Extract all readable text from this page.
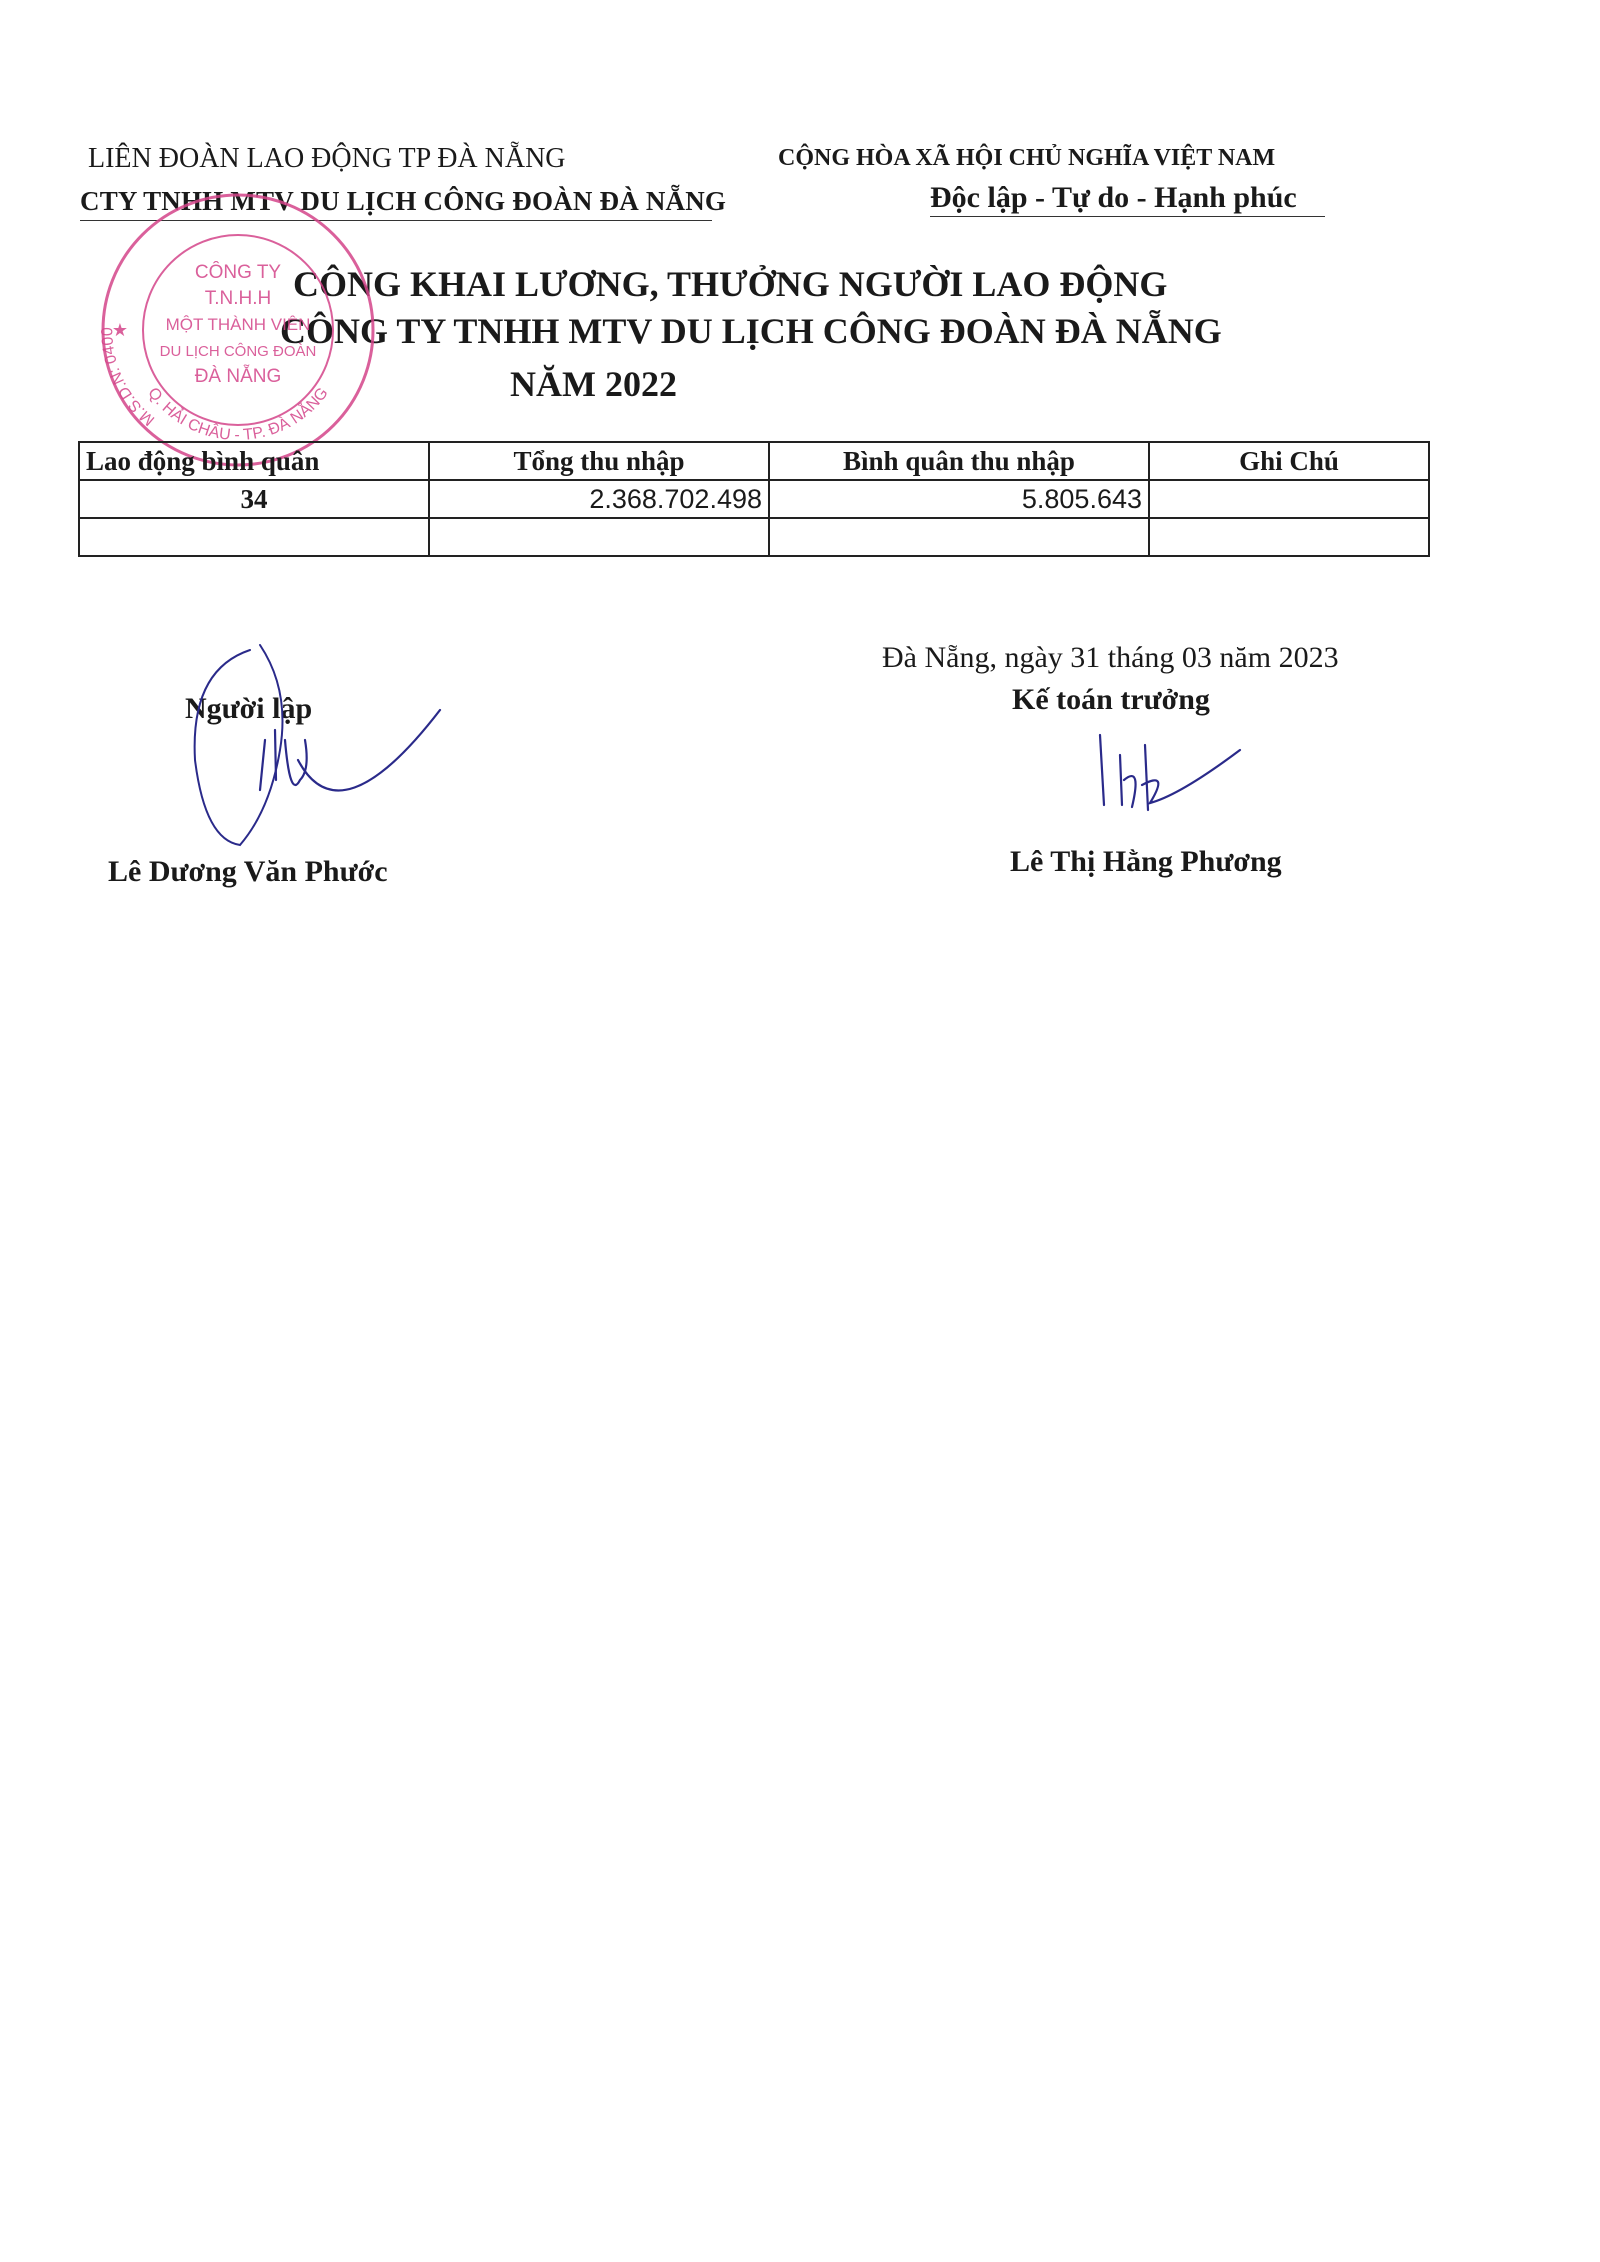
LIÊN ĐOÀN LAO ĐỘNG TP ĐÀ NẴNG
CTY TNHH MTV DU LỊCH CÔNG ĐOÀN ĐÀ NẴNG
CỘNG HÒA XÃ HỘI CHỦ NGHĨA VIỆT NAM
Độc lập - Tự do - Hạnh phúc
CÔNG KHAI LƯƠNG, THƯỞNG NGƯỜI LAO ĐỘNG
CÔNG TY TNHH MTV DU LỊCH CÔNG ĐOÀN ĐÀ NẴNG
NĂM 2022
CÔNG TY
T.N.H.H
MỘT THÀNH VIÊN
DU LỊCH CÔNG ĐOÀN
ĐÀ NẴNG
Q. HẢI CHÂU - TP. ĐÀ NẴNG
M.S.D.N: 0400
★
Lao động bình quân	Tổng thu nhập	Bình quân thu nhập	Ghi Chú
34	2.368.702.498	5.805.643	

Đà Nẵng, ngày 31 tháng 03 năm 2023
Kế toán trưởng
Lê Thị Hằng Phương
Người lập
Lê Dương Văn Phước
